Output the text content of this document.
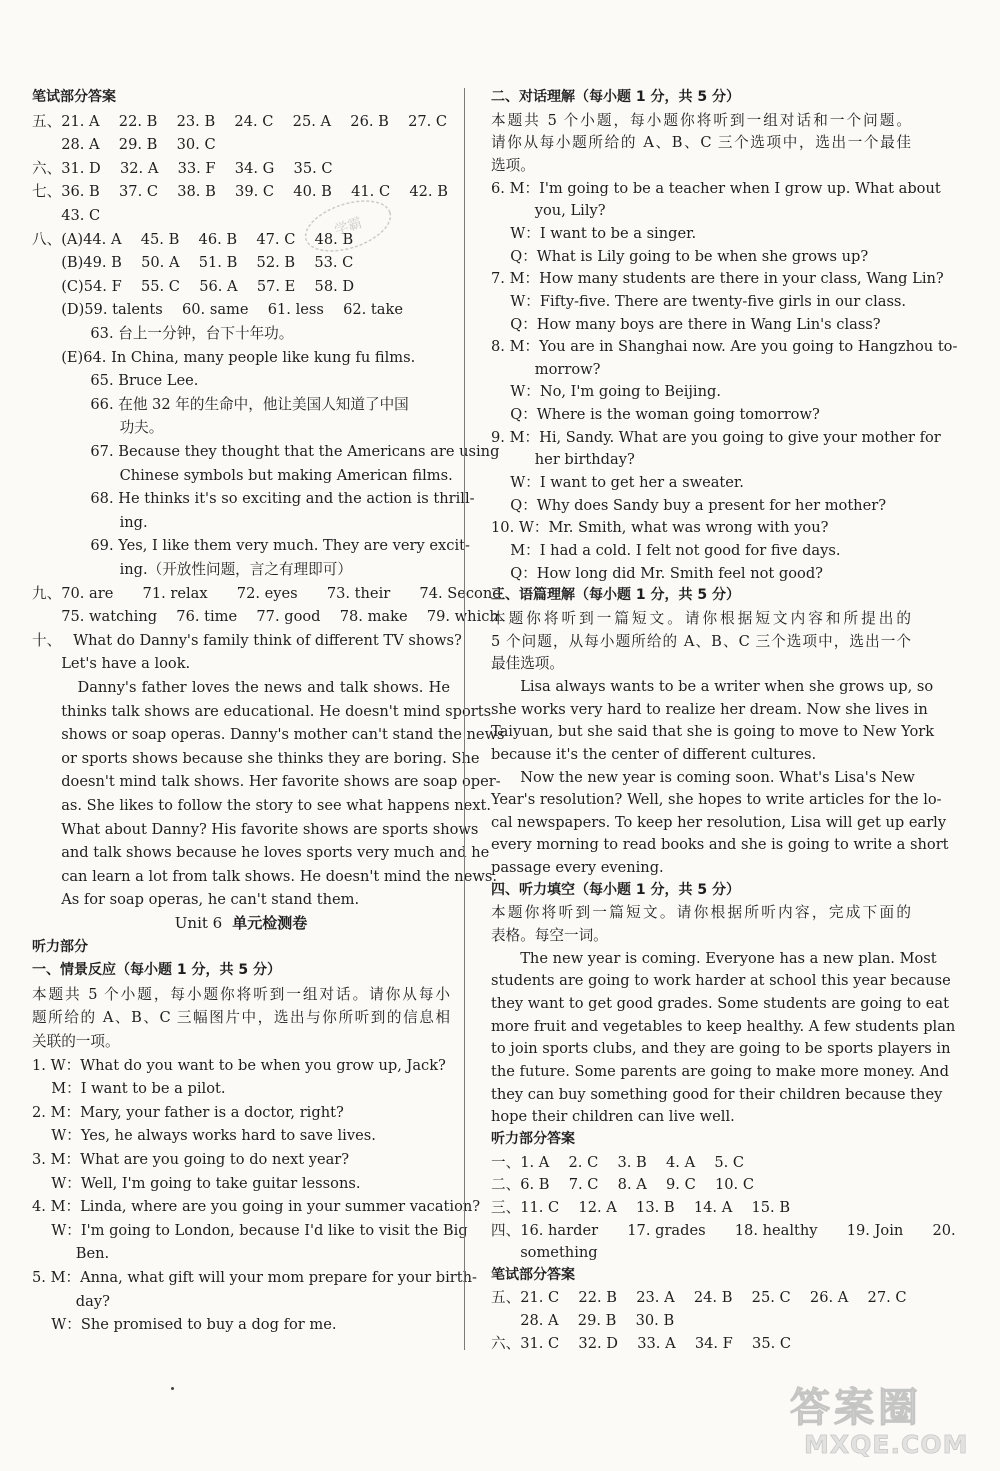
笔试部分答案
五、21. A　 22. B　 23. B　 24. C　 25. A　 26. B　 27. C
　　28. A　 29. B　 30. C
六、31. D　 32. A　 33. F　 34. G　 35. C
七、36. B　 37. C　 38. B　 39. C　 40. B　 41. C　 42. B
　　43. C
八、(A)44. A　 45. B　 46. B　 47. C　 48. B
　　(B)49. B　 50. A　 51. B　 52. B　 53. C
　　(C)54. F　 55. C　 56. A　 57. E　 58. D
　　(D)59. talents　 60. same　 61. less　 62. take
　　　　63. 台上一分钟，台下十年功。
　　(E)64. In China, many people like kung fu films.
　　　　65. Bruce Lee.
　　　　66. 在他 32 年的生命中，他让美国人知道了中国
　　　　　　功夫。
　　　　67. Because they thought that the Americans are using
　　　　　　Chinese symbols but making American films.
　　　　68. He thinks it's so exciting and the action is thrill-
　　　　　　ing.
　　　　69. Yes, I like them very much. They are very excit-
　　　　　　ing.（开放性问题，言之有理即可）
九、70. are　　71. relax　　72. eyes　　73. their　　74. Second
　　75. watching　 76. time　 77. good　 78. make　 79. which
十、　 What do Danny's family think of different TV shows?
　　Let's have a look.
　　　Danny's father loves the news and talk shows. He
　　thinks talk shows are educational. He doesn't mind sports
　　shows or soap operas. Danny's mother can't stand the news
　　or sports shows because she thinks they are boring. She
　　doesn't mind talk shows. Her favorite shows are soap oper-
　　as. She likes to follow the story to see what happens next.
　　What about Danny? His favorite shows are sports shows
　　and talk shows because he loves sports very much and he
　　can learn a lot from talk shows. He doesn't mind the news.
　　As for soap operas, he can't stand them.
Unit 6 单元检测卷
听力部分
一、情景反应（每小题 1 分，共 5 分）
本题共 5 个小题，每小题你将听到一组对话。请你从每小
题所给的 A、B、C 三幅图片中，选出与你所听到的信息相
关联的一项。
1. W：What do you want to be when you grow up, Jack?
　 M：I want to be a pilot.
2. M：Mary, your father is a doctor, right?
　 W：Yes, he always works hard to save lives.
3. M：What are you going to do next year?
　 W：Well, I'm going to take guitar lessons.
4. M：Linda, where are you going in your summer vacation?
　 W：I'm going to London, because I'd like to visit the Big
　　　Ben.
5. M：Anna, what gift will your mom prepare for your birth-
　　　day?
　 W：She promised to buy a dog for me.
二、对话理解（每小题 1 分，共 5 分）
本题共 5 个小题，每小题你将听到一组对话和一个问题。
请你从每小题所给的 A、B、C 三个选项中，选出一个最佳
选项。
6. M：I'm going to be a teacher when I grow up. What about
　　　you, Lily?
　 W：I want to be a singer.
　 Q：What is Lily going to be when she grows up?
7. M：How many students are there in your class, Wang Lin?
　 W：Fifty-five. There are twenty-five girls in our class.
　 Q：How many boys are there in Wang Lin's class?
8. M：You are in Shanghai now. Are you going to Hangzhou to-
　　　morrow?
　 W：No, I'm going to Beijing.
　 Q：Where is the woman going tomorrow?
9. M：Hi, Sandy. What are you going to give your mother for
　　　her birthday?
　 W：I want to get her a sweater.
　 Q：Why does Sandy buy a present for her mother?
10. W：Mr. Smith, what was wrong with you?
　 M：I had a cold. I felt not good for five days.
　 Q：How long did Mr. Smith feel not good?
三、语篇理解（每小题 1 分，共 5 分）
本题你将听到一篇短文。请你根据短文内容和所提出的
5 个问题，从每小题所给的 A、B、C 三个选项中，选出一个
最佳选项。
　　Lisa always wants to be a writer when she grows up, so
she works very hard to realize her dream. Now she lives in
Taiyuan, but she said that she is going to move to New York
because it's the center of different cultures.
　　Now the new year is coming soon. What's Lisa's New
Year's resolution? Well, she hopes to write articles for the lo-
cal newspapers. To keep her resolution, Lisa will get up early
every morning to read books and she is going to write a short
passage every evening.
四、听力填空（每小题 1 分，共 5 分）
本题你将听到一篇短文。请你根据所听内容，完成下面的
表格。每空一词。
　　The new year is coming. Everyone has a new plan. Most
students are going to work harder at school this year because
they want to get good grades. Some students are going to eat
more fruit and vegetables to keep healthy. A few students plan
to join sports clubs, and they are going to be sports players in
the future. Some parents are going to make more money. And
they can buy something good for their children because they
hope their children can live well.
听力部分答案
一、1. A　 2. C　 3. B　 4. A　 5. C
二、6. B　 7. C　 8. A　 9. C　 10. C
三、11. C　 12. A　 13. B　 14. A　 15. B
四、16. harder　　17. grades　　18. healthy　　19. Join　　20.
　　something
笔试部分答案
五、21. C　 22. B　 23. A　 24. B　 25. C　 26. A　 27. C
　　28. A　 29. B　 30. B
六、31. C　 32. D　 33. A　 34. F　 35. C
学霸
答案圈
MXQE.COM
